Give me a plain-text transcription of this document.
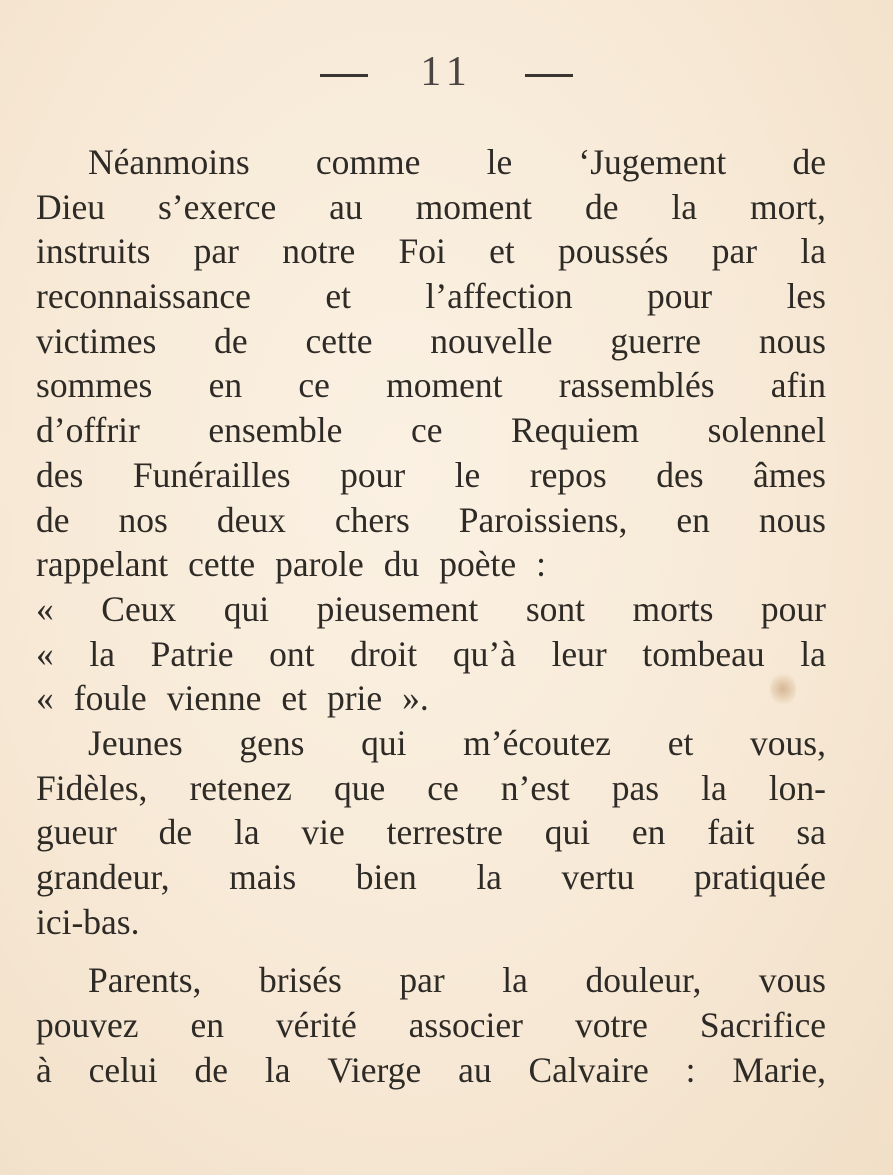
11
Néanmoins comme le ‘Jugement de
Dieu s’exerce au moment de la mort,
instruits par notre Foi et poussés par la
reconnaissance et l’affection pour les
victimes de cette nouvelle guerre nous
sommes en ce moment rassemblés afin
d’offrir ensemble ce Requiem solennel
des Funérailles pour le repos des âmes
de nos deux chers Paroissiens, en nous
rappelant cette parole du poète :
« Ceux qui pieusement sont morts pour
« la Patrie ont droit qu’à leur tombeau la
« foule vienne et prie ».
Jeunes gens qui m’écoutez et vous,
Fidèles, retenez que ce n’est pas la lon-
gueur de la vie terrestre qui en fait sa
grandeur, mais bien la vertu pratiquée
ici-bas.
Parents, brisés par la douleur, vous
pouvez en vérité associer votre Sacrifice
à celui de la Vierge au Calvaire : Marie,
